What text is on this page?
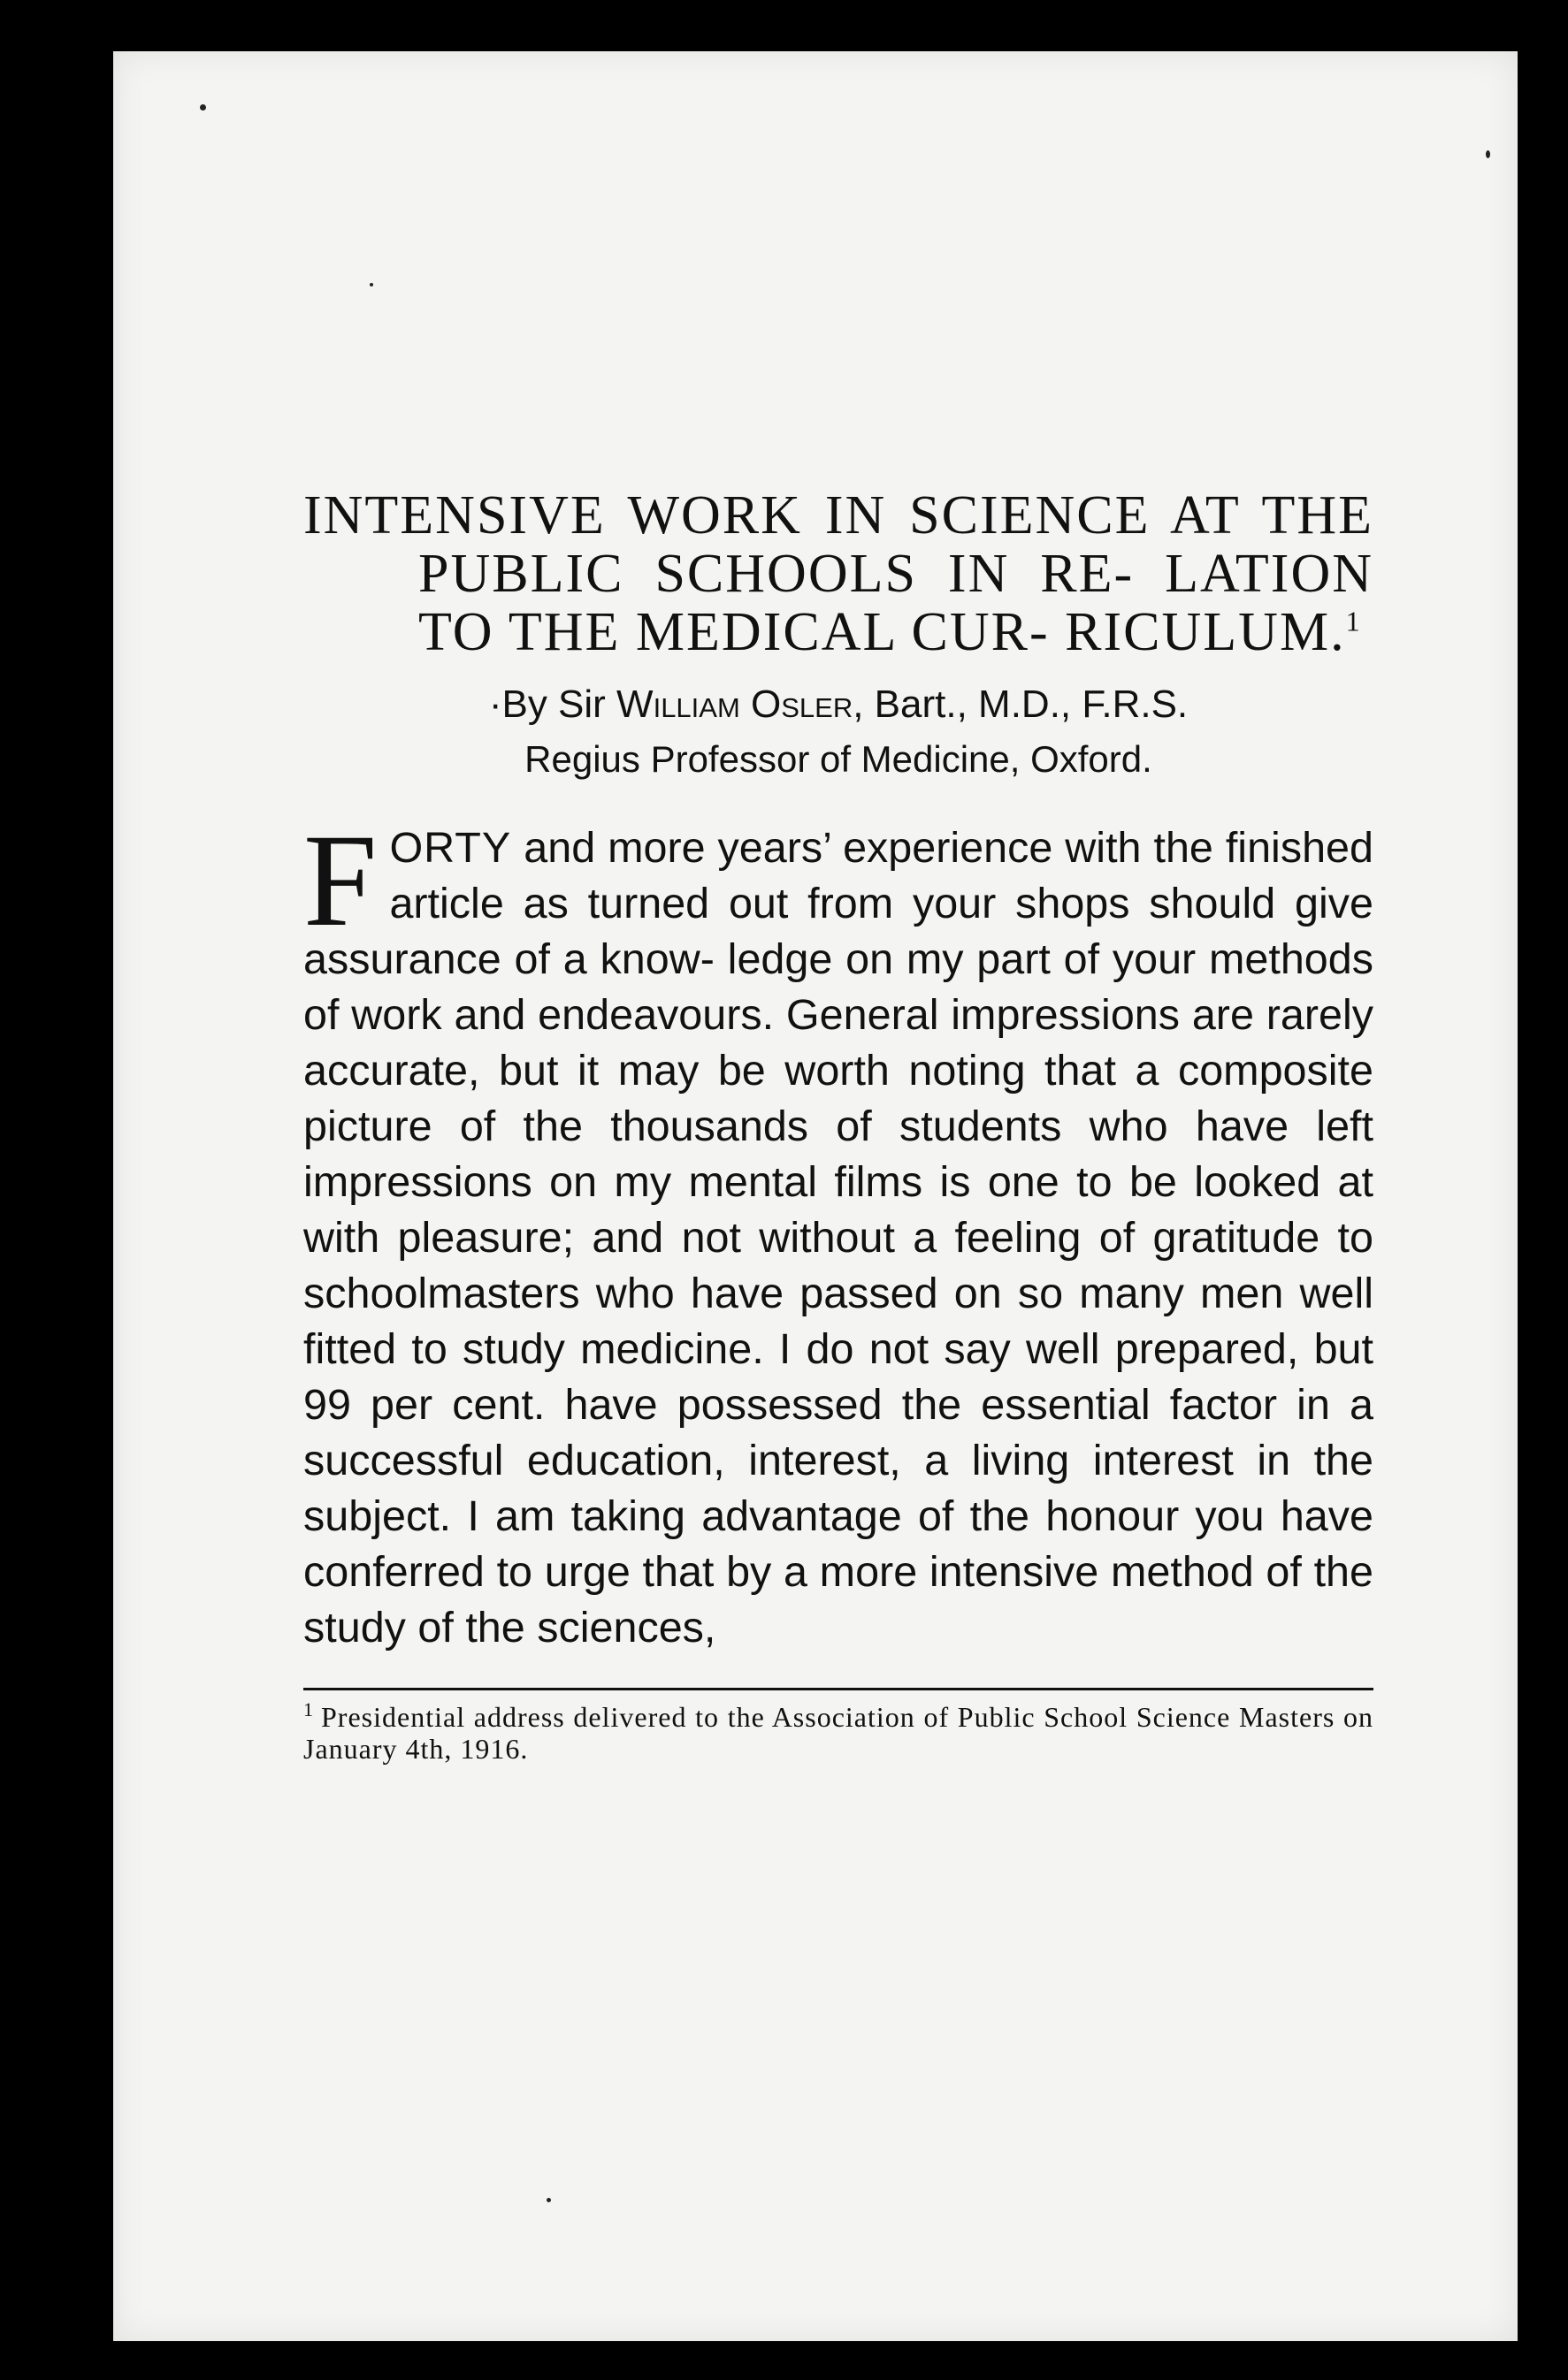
INTENSIVE WORK IN SCIENCE AT THE PUBLIC SCHOOLS IN RE- LATION TO THE MEDICAL CUR- RICULUM.$^1$
·By Sir William Osler, Bart., M.D., F.R.S.
Regius Professor of Medicine, Oxford.
FORTY and more years’ experience with the finished article as turned out from your shops should give assurance of a know- ledge on my part of your methods of work and endeavours. General impressions are rarely accurate, but it may be worth noting that a composite picture of the thousands of students who have left impressions on my mental films is one to be looked at with pleasure; and not without a feeling of gratitude to schoolmasters who have passed on so many men well fitted to study medicine. I do not say well prepared, but 99 per cent. have possessed the essential factor in a successful education, interest, a living interest in the subject. I am taking advantage of the honour you have conferred to urge that by a more intensive method of the study of the sciences,
$^1$ Presidential address delivered to the Association of Public School Science Masters on January 4th, 1916.
